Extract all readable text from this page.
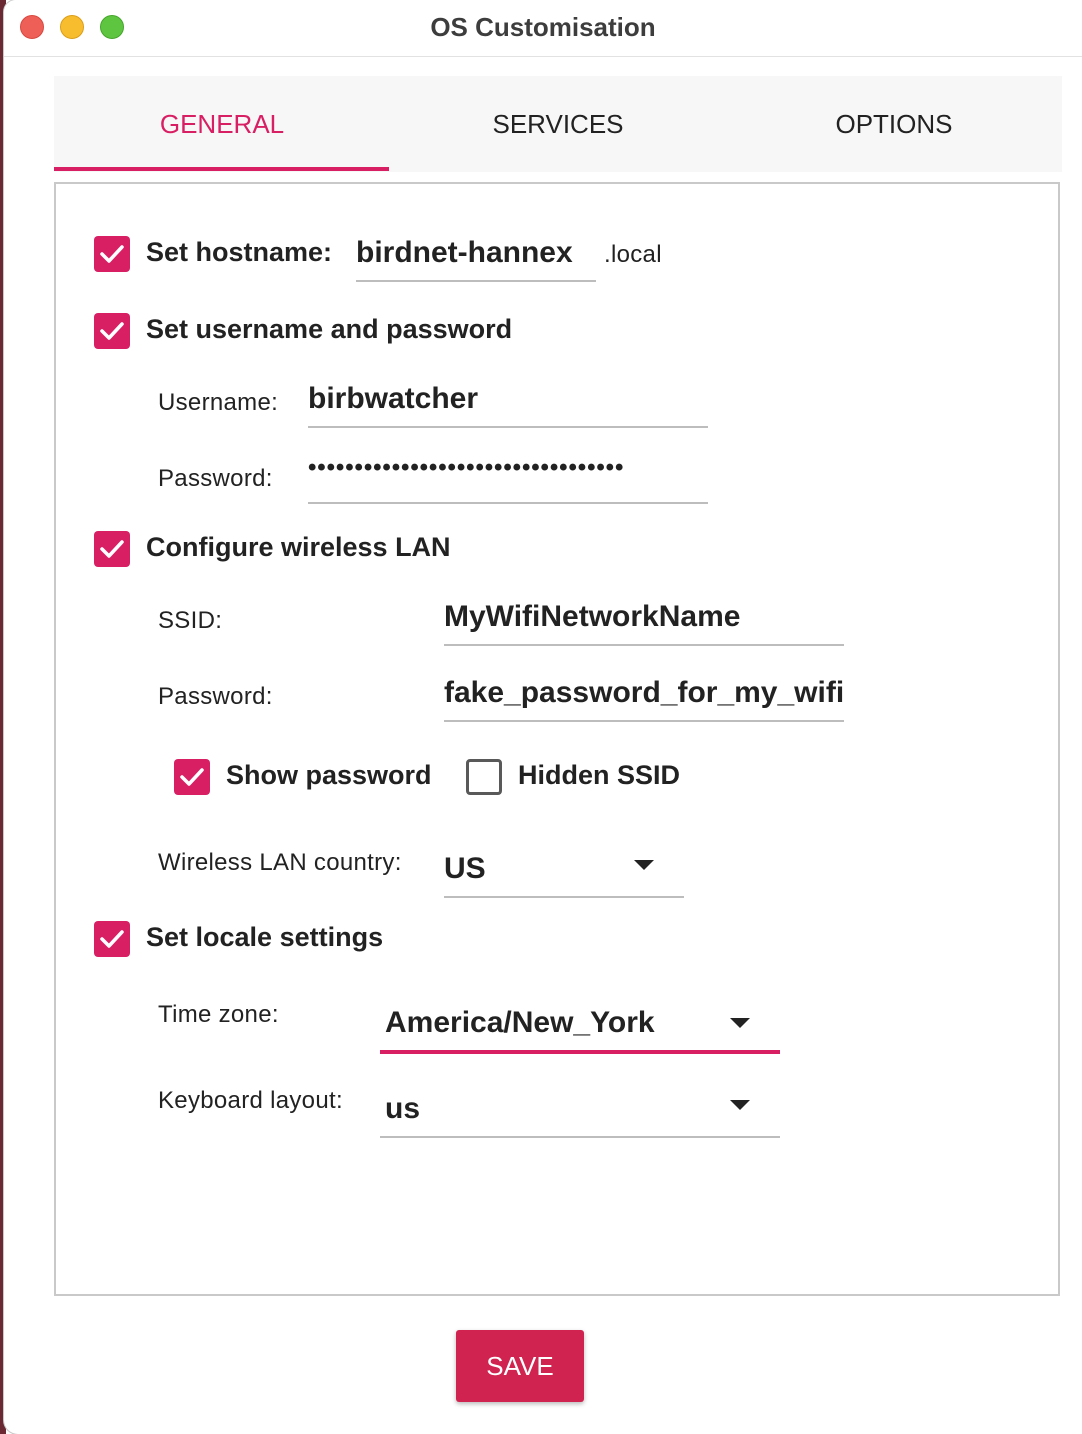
OS Customisation
GENERAL	SERVICES	OPTIONS
Set hostname: birdnet-hannex .local
Set username and password
Username: birbwatcher
Password: ••••••••••••••••••••••••••••••••••
Configure wireless LAN
SSID:	MyWifiNetworkName
Password:	fake_password_for_my_wifi
Show password	Hidden SSID
Wireless LAN country: US
Set locale settings
Time zone:	America/New_York
Keyboard layout: us
SAVE
